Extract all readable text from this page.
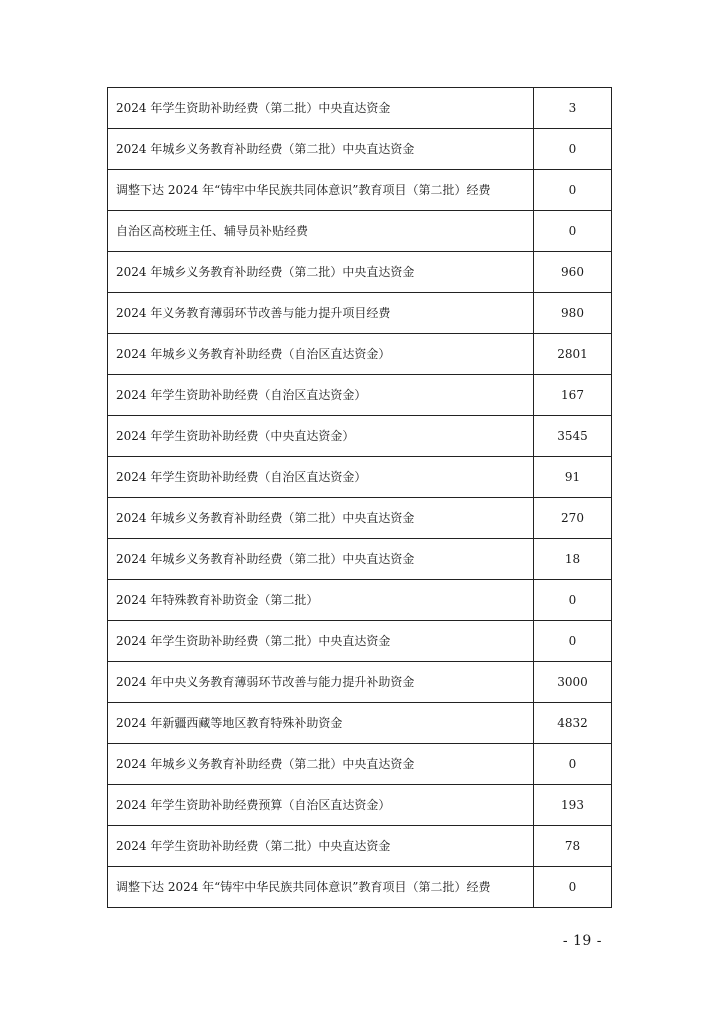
2024 年学生资助补助经费（第二批）中央直达资金	3
2024 年城乡义务教育补助经费（第二批）中央直达资金	0
调整下达 2024 年“铸牢中华民族共同体意识”教育项目（第二批）经费	0
自治区高校班主任、辅导员补贴经费	0
2024 年城乡义务教育补助经费（第二批）中央直达资金	960
2024 年义务教育薄弱环节改善与能力提升项目经费	980
2024 年城乡义务教育补助经费（自治区直达资金）	2801
2024 年学生资助补助经费（自治区直达资金）	167
2024 年学生资助补助经费（中央直达资金）	3545
2024 年学生资助补助经费（自治区直达资金）	91
2024 年城乡义务教育补助经费（第二批）中央直达资金	270
2024 年城乡义务教育补助经费（第二批）中央直达资金	18
2024 年特殊教育补助资金（第二批）	0
2024 年学生资助补助经费（第二批）中央直达资金	0
2024 年中央义务教育薄弱环节改善与能力提升补助资金	3000
2024 年新疆西藏等地区教育特殊补助资金	4832
2024 年城乡义务教育补助经费（第二批）中央直达资金	0
2024 年学生资助补助经费预算（自治区直达资金）	193
2024 年学生资助补助经费（第二批）中央直达资金	78
调整下达 2024 年“铸牢中华民族共同体意识”教育项目（第二批）经费	0
- 19 -
